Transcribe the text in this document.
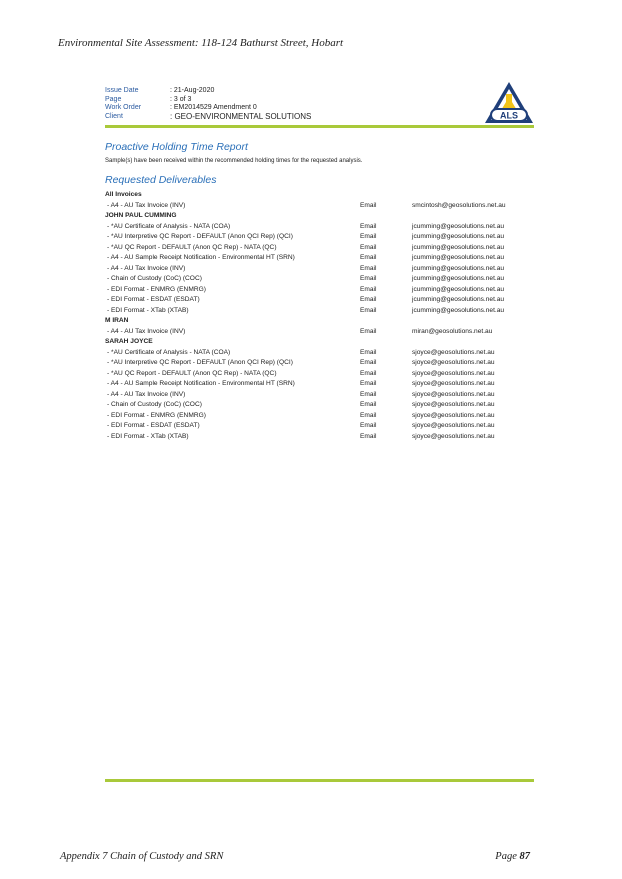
Environmental Site Assessment: 118-124 Bathurst Street, Hobart
Issue Date	: 21-Aug-2020
Page	: 3 of 3
Work Order	: EM2014529 Amendment 0
Client	: GEO-ENVIRONMENTAL SOLUTIONS	ALS
Proactive Holding Time Report
Sample(s) have been received within the recommended holding times for the requested analysis.
Requested Deliverables
All Invoices
- A4 - AU Tax Invoice (INV)	Email	smcintosh@geosolutions.net.au
JOHN PAUL CUMMING
- *AU Certificate of Analysis - NATA (COA)	Email	jcumming@geosolutions.net.au
- *AU Interpretive QC Report - DEFAULT (Anon QCI Rep) (QCI)	Email	jcumming@geosolutions.net.au
- *AU QC Report - DEFAULT (Anon QC Rep) - NATA (QC)	Email	jcumming@geosolutions.net.au
- A4 - AU Sample Receipt Notification - Environmental HT (SRN)	Email	jcumming@geosolutions.net.au
- A4 - AU Tax Invoice (INV)	Email	jcumming@geosolutions.net.au
- Chain of Custody (CoC) (COC)	Email	jcumming@geosolutions.net.au
- EDI Format - ENMRG (ENMRG)	Email	jcumming@geosolutions.net.au
- EDI Format - ESDAT (ESDAT)	Email	jcumming@geosolutions.net.au
- EDI Format - XTab (XTAB)	Email	jcumming@geosolutions.net.au
M IRAN
- A4 - AU Tax Invoice (INV)	Email	miran@geosolutions.net.au
SARAH JOYCE
- *AU Certificate of Analysis - NATA (COA)	Email	sjoyce@geosolutions.net.au
- *AU Interpretive QC Report - DEFAULT (Anon QCI Rep) (QCI)	Email	sjoyce@geosolutions.net.au
- *AU QC Report - DEFAULT (Anon QC Rep) - NATA (QC)	Email	sjoyce@geosolutions.net.au
- A4 - AU Sample Receipt Notification - Environmental HT (SRN)	Email	sjoyce@geosolutions.net.au
- A4 - AU Tax Invoice (INV)	Email	sjoyce@geosolutions.net.au
- Chain of Custody (CoC) (COC)	Email	sjoyce@geosolutions.net.au
- EDI Format - ENMRG (ENMRG)	Email	sjoyce@geosolutions.net.au
- EDI Format - ESDAT (ESDAT)	Email	sjoyce@geosolutions.net.au
- EDI Format - XTab (XTAB)	Email	sjoyce@geosolutions.net.au
Appendix 7 Chain of Custody and SRN	Page 87
